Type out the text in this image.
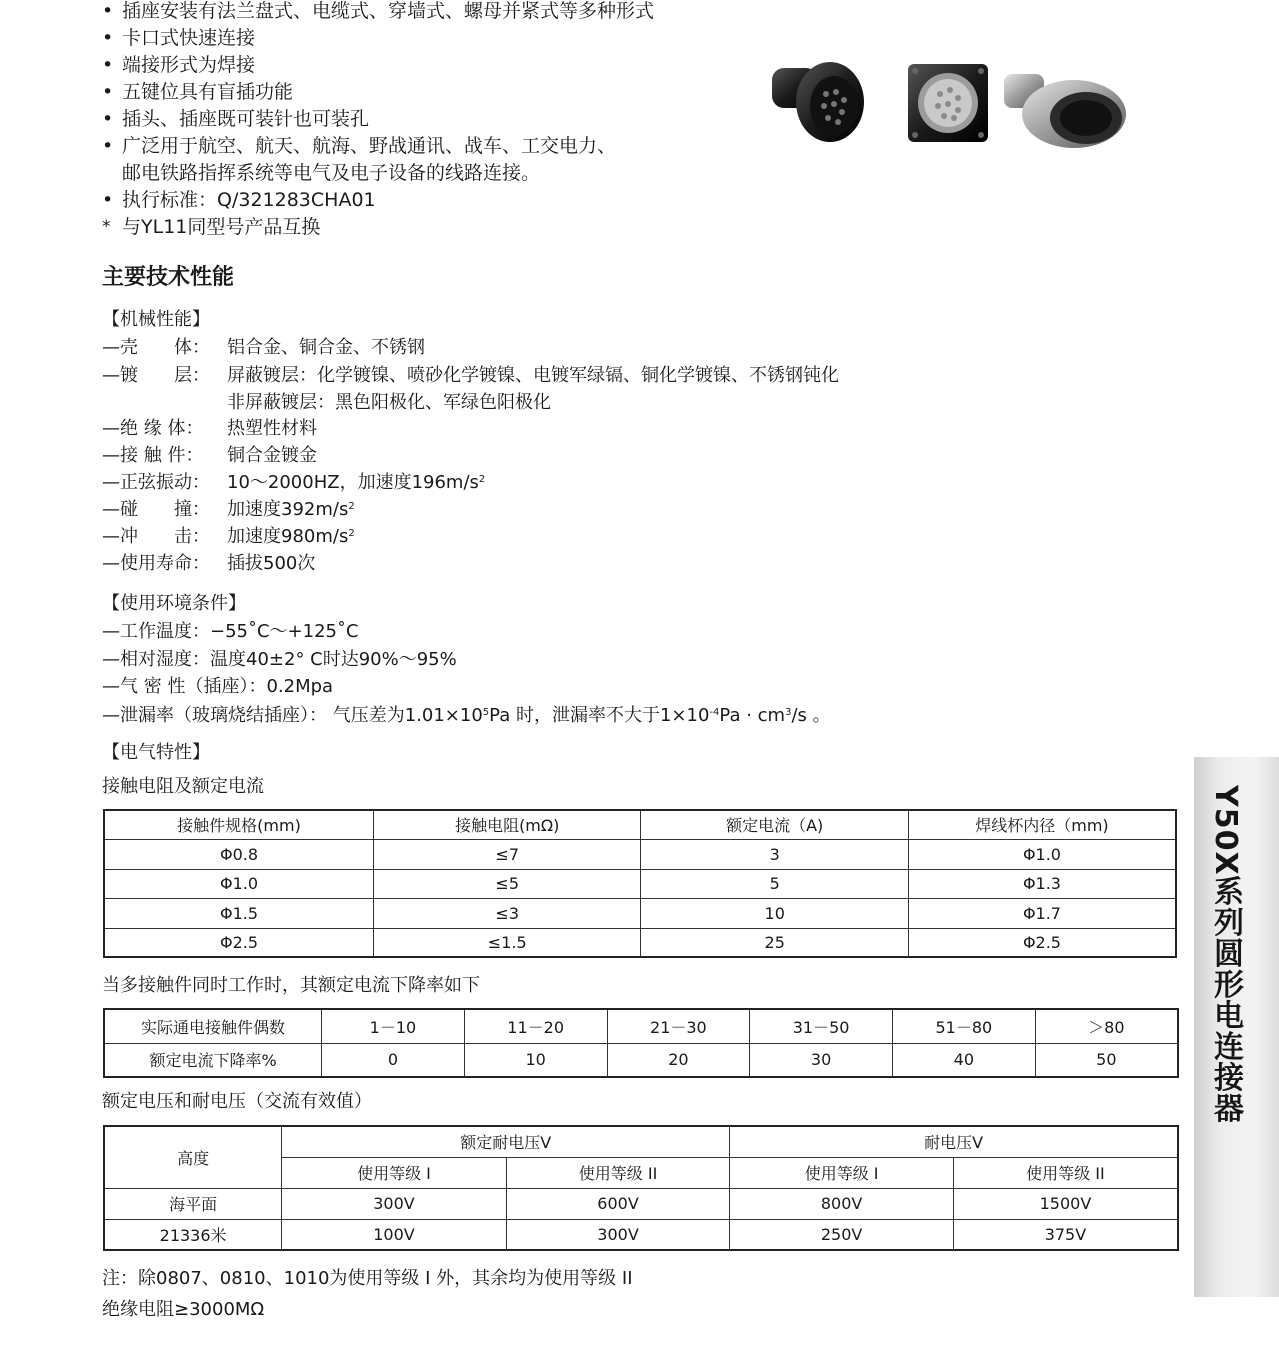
• 插座安装有法兰盘式、电缆式、穿墙式、螺母并紧式等多种形式
• 卡口式快速连接
• 端接形式为焊接
• 五键位具有盲插功能
• 插头、插座既可装针也可装孔
• 广泛用于航空、航天、航海、野战通讯、战车、工交电力、
邮电铁路指挥系统等电气及电子设备的线路连接。
• 执行标准：Q/321283CHA01
* 与YL11同型号产品互换
主要技术性能
【机械性能】
—壳　　体： 铝合金、铜合金、不锈钢
—镀　　层： 屏蔽镀层：化学镀镍、喷砂化学镀镍、电镀军绿镉、铜化学镀镍、不锈钢钝化
非屏蔽镀层：黑色阳极化、军绿色阳极化
—绝 缘 体： 热塑性材料
—接 触 件： 铜合金镀金
—正弦振动： 10～2000HZ，加速度$196m/s^2$
—碰　　撞： 加速度$392m/s^2$
—冲　　击： 加速度$980m/s^2$
—使用寿命： 插拔500次
【使用环境条件】
—工作温度：−55˚C～+125˚C
—相对湿度：温度40±2° C时达90%～95%
—气 密 性（插座）：0.2Mpa
—泄漏率（玻璃烧结插座）： 气压差为$1.01\times 10^5Pa$ 时，泄漏率不大于$1\times 10^{-4}Pa \cdot cm^3/s$ 。
【电气特性】
接触电阻及额定电流
接触件规格(mm)	接触电阻(mΩ)	额定电流（A)	焊线杯内径（mm)
Φ0.8	≤7	3	Φ1.0
Φ1.0	≤5	5	Φ1.3
Φ1.5	≤3	10	Φ1.7
Φ2.5	≤1.5	25	Φ2.5
当多接触件同时工作时，其额定电流下降率如下
实际通电接触件偶数	1－10	11－20	21－30	31－50	51－80	＞80
额定电流下降率%	0	10	20	30	40	50
额定电压和耐电压（交流有效值）
高度	额定耐电压V		耐电压V	
	使用等级 I	使用等级 II	使用等级 I	使用等级 II
海平面	300V	600V	800V	1500V
21336米	100V	300V	250V	375V
注：除0807、0810、1010为使用等级 I 外，其余均为使用等级 II
绝缘电阻≥3000MΩ
Y50X系列圆形电连接器
